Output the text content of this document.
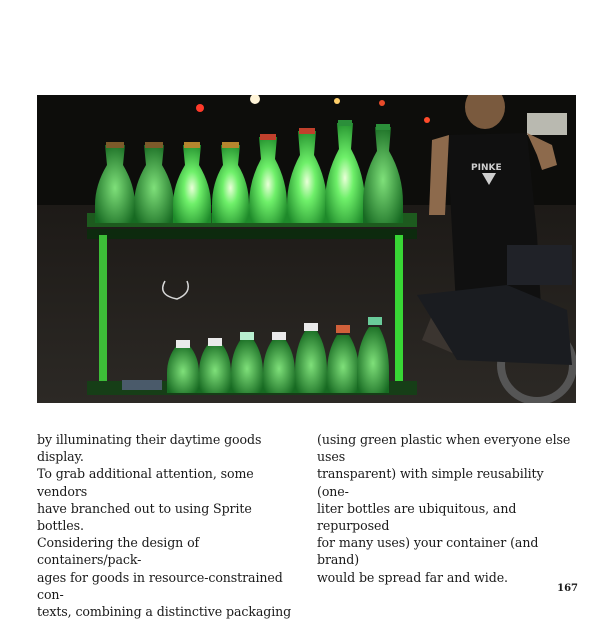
PINKE
by illuminating their daytime goods display.
To grab additional attention, some vendors
have branched out to using Sprite bottles.
Considering the design of containers/pack-
ages for goods in resource-constrained con-
texts, combining a distinctive packaging
(using green plastic when everyone else uses
transparent) with simple reusability (one-
liter bottles are ubiquitous, and repurposed
for many uses) your container (and brand)
would be spread far and wide.
167
